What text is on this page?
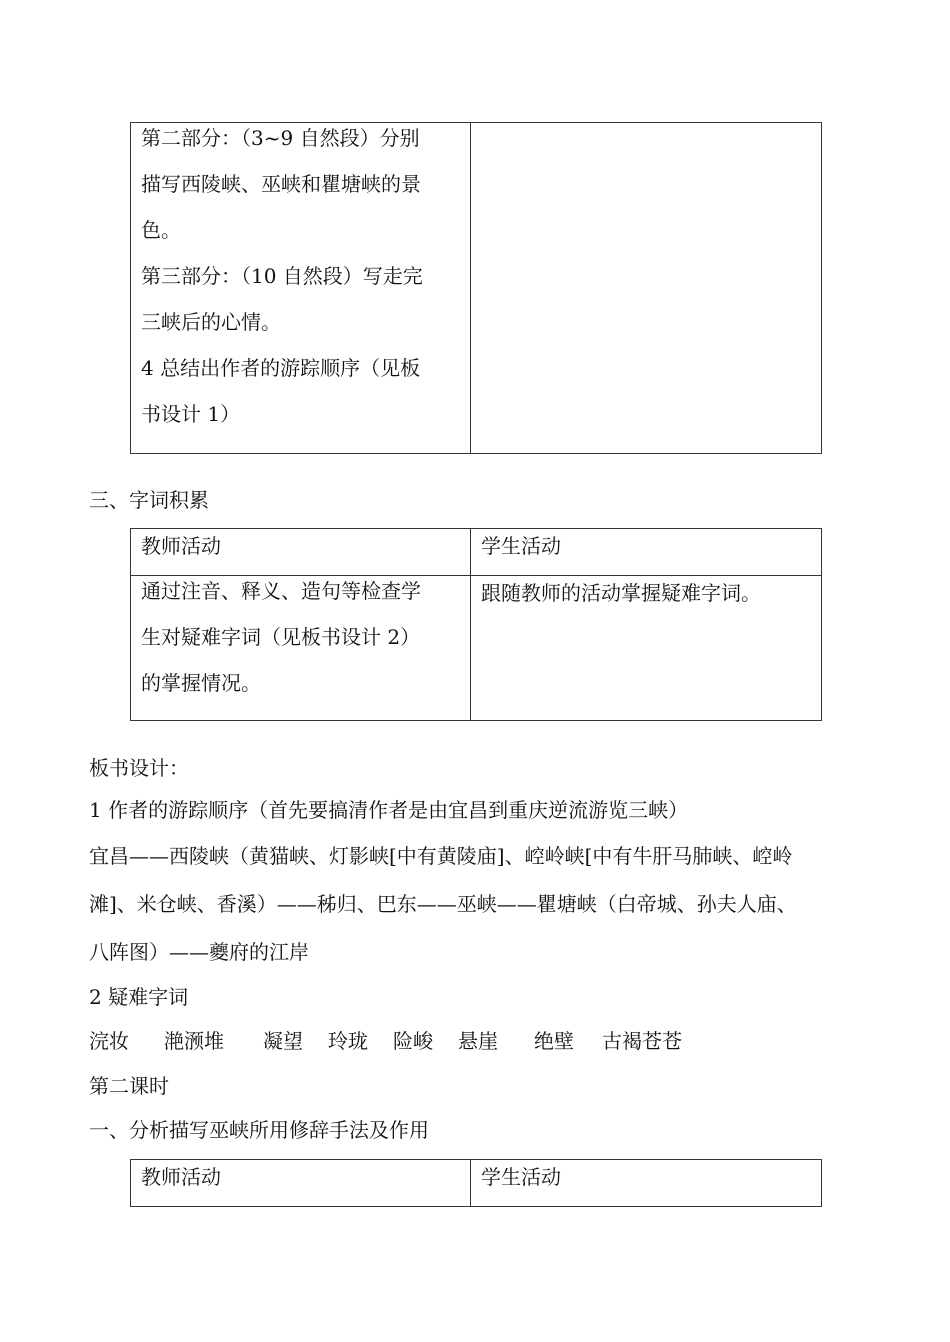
第二部分：（3~9 自然段）分别

描写西陵峡、巫峡和瞿塘峡的景

色。

第三部分：（10 自然段）写走完

三峡后的心情。

4 总结出作者的游踪顺序（见板

书设计 1）

三、字词积累

教师活动	学生活动

通过注音、释义、造句等检查学

生对疑难字词（见板书设计 2）

的掌握情况。	跟随教师的活动掌握疑难字词。

板书设计：
1 作者的游踪顺序（首先要搞清作者是由宜昌到重庆逆流游览三峡）
宜昌——西陵峡（黄猫峡、灯影峡[中有黄陵庙]、崆岭峡[中有牛肝马肺峡、崆岭
滩]、米仓峡、香溪）——秭归、巴东——巫峡——瞿塘峡（白帝城、孙夫人庙、
八阵图）——夔府的江岸
2 疑难字词
浣妆 滟滪堆 凝望 玲珑 险峻 悬崖 绝壁 古褐苍苍
第二课时
一、分析描写巫峡所用修辞手法及作用

教师活动	学生活动
